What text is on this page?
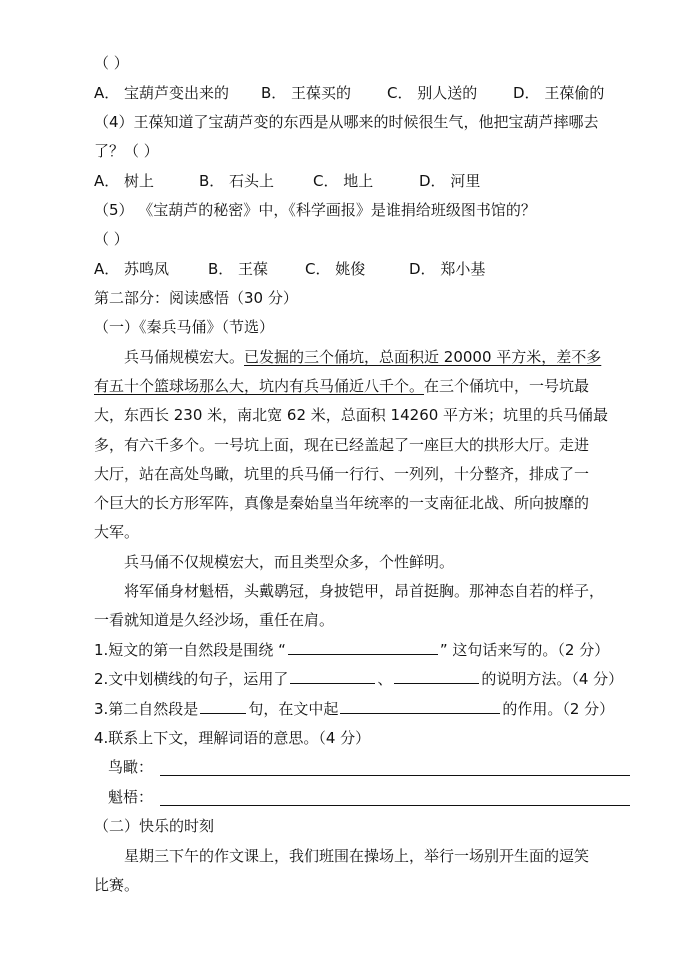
（ ）
A． 宝葫芦变出来的 B． 王葆买的 C． 别人送的 D． 王葆偷的
（4）王葆知道了宝葫芦变的东西是从哪来的时候很生气，他把宝葫芦摔哪去
了？（ ）
A． 树上	B． 石头上	C． 地上	D． 河里
（5） 《宝葫芦的秘密》中，《科学画报》是谁捐给班级图书馆的？
（ ）
A． 苏鸣凤	B． 王葆 C． 姚俊	D． 郑小基
第二部分：阅读感悟（30 分）
（一）《秦兵马俑》（节选）
兵马俑规模宏大。已发掘的三个俑坑，总面积近 20000 平方米，差不多
有五十个篮球场那么大，坑内有兵马俑近八千个。在三个俑坑中，一号坑最
大，东西长 230 米，南北宽 62 米，总面积 14260 平方米；坑里的兵马俑最
多，有六千多个。一号坑上面，现在已经盖起了一座巨大的拱形大厅。走进
大厅，站在高处鸟瞰，坑里的兵马俑一行行、一列列，十分整齐，排成了一
个巨大的长方形军阵，真像是秦始皇当年统率的一支南征北战、所向披靡的
大军。
兵马俑不仅规模宏大，而且类型众多，个性鲜明。
将军俑身材魁梧，头戴鹖冠，身披铠甲，昂首挺胸。那神态自若的样子，
一看就知道是久经沙场，重任在肩。
1.短文的第一自然段是围绕 “	” 这句话来写的。（2 分）
2.文中划横线的句子，运用了	、	的说明方法。（4 分）
3.第二自然段是	句，在文中起	的作用。（2 分）
4.联系上下文，理解词语的意思。（4 分）
鸟瞰：
魁梧：
（二）快乐的时刻
星期三下午的作文课上，我们班围在操场上，举行一场别开生面的逗笑
比赛。
